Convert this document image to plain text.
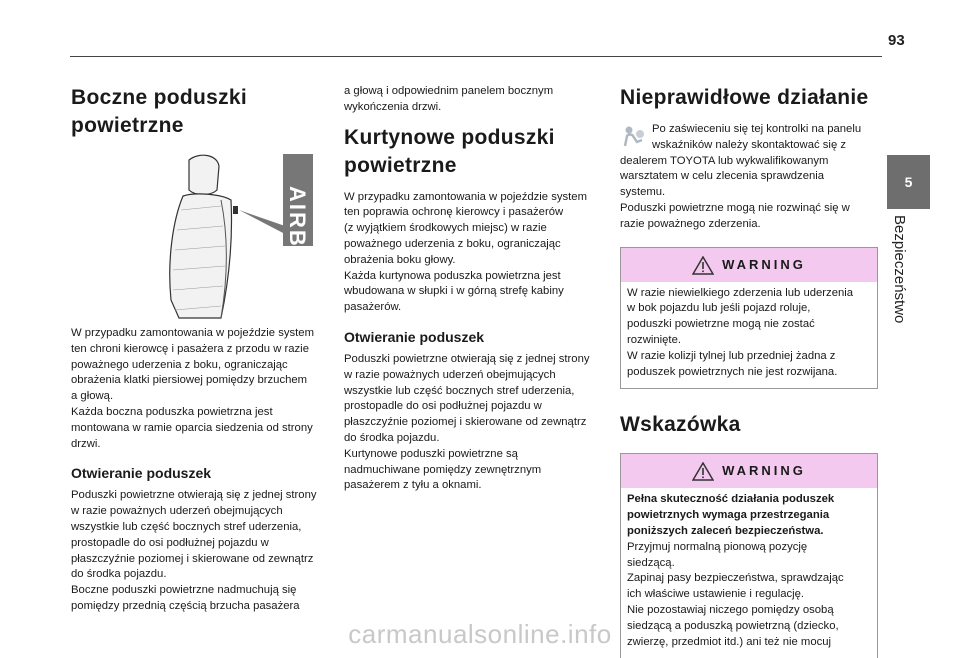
93
5
Bezpieczeństwo
Boczne poduszki
powietrzne
AIRBAG

W przypadku zamontowania w pojeździe system
ten chroni kierowcę i pasażera z przodu w razie
poważnego uderzenia z boku, ograniczając
obrażenia klatki piersiowej pomiędzy brzuchem
a głową.
Każda boczna poduszka powietrzna jest
montowana w ramie oparcia siedzenia od strony
drzwi.

Otwieranie poduszek

Poduszki powietrzne otwierają się z jednej strony
w razie poważnych uderzeń obejmujących
wszystkie lub część bocznych stref uderzenia,
prostopadle do osi podłużnej pojazdu w
płaszczyźnie poziomej i skierowane od zewnątrz
do środka pojazdu.
Boczne poduszki powietrzne nadmuchują się
pomiędzy przednią częścią brzucha pasażera

a głową i odpowiednim panelem bocznym
wykończenia drzwi.

Kurtynowe poduszki
powietrzne

W przypadku zamontowania w pojeździe system
ten poprawia ochronę kierowcy i pasażerów
(z wyjątkiem środkowych miejsc) w razie
poważnego uderzenia z boku, ograniczając
obrażenia boku głowy.
Każda kurtynowa poduszka powietrzna jest
wbudowana w słupki i w górną strefę kabiny
pasażerów.

Otwieranie poduszek

Poduszki powietrzne otwierają się z jednej strony
w razie poważnych uderzeń obejmujących
wszystkie lub część bocznych stref uderzenia,
prostopadle do osi podłużnej pojazdu w
płaszczyźnie poziomej i skierowane od zewnątrz
do środka pojazdu.
Kurtynowe poduszki powietrzne są
nadmuchiwane pomiędzy zewnętrznym
pasażerem z tyłu a oknami.

Nieprawidłowe działanie

Po zaświeceniu się tej kontrolki na panelu
wskaźników należy skontaktować się z
dealerem TOYOTA lub wykwalifikowanym
warsztatem w celu zlecenia sprawdzenia
systemu.
Poduszki powietrzne mogą nie rozwinąć się w
razie poważnego zderzenia.

WARNING

W razie niewielkiego zderzenia lub uderzenia
w bok pojazdu lub jeśli pojazd roluje,
poduszki powietrzne mogą nie zostać
rozwinięte.
W razie kolizji tylnej lub przedniej żadna z
poduszek powietrznych nie jest rozwijana.

Wskazówka
WARNING

Pełna skuteczność działania poduszek
powietrznych wymaga przestrzegania
poniższych zaleceń bezpieczeństwa.

Przyjmuj normalną pionową pozycję
siedzącą.
Zapinaj pasy bezpieczeństwa, sprawdzając
ich właściwe ustawienie i regulację.
Nie pozostawiaj niczego pomiędzy osobą
siedzącą a poduszką powietrzną (dziecko,
zwierzę, przedmiot itd.) ani też nie mocuj

carmanualsonline.info
